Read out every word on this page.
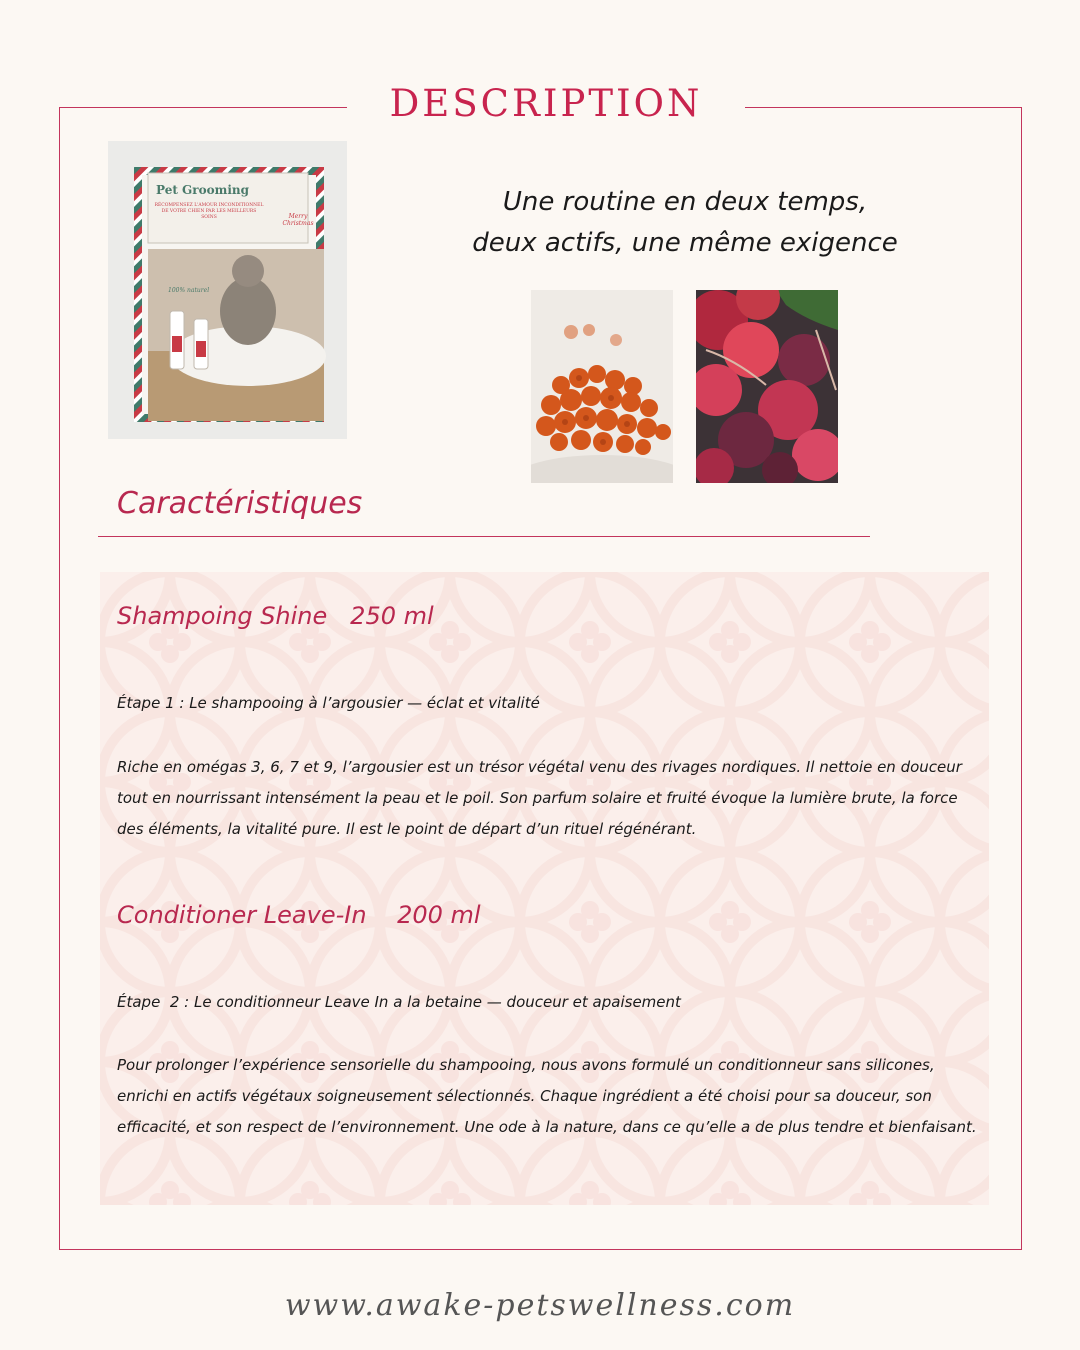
DESCRIPTION
Pet Grooming
RÉCOMPENSEZ L'AMOUR INCONDITIONNEL DE VOTRE CHIEN PAR LES MEILLEURS SOINS	Merry Christmas
100% naturel
Une routine en deux temps,
deux actifs, une même exigence
Caractéristiques
Shampoing Shine   250 ml
Étape 1 : Le shampooing à l’argousier — éclat et vitalité
Riche en omégas 3, 6, 7 et 9, l’argousier est un trésor végétal venu des rivages nordiques. Il nettoie en douceur
tout en nourrissant intensément la peau et le poil. Son parfum solaire et fruité évoque la lumière brute, la force
des éléments, la vitalité pure. Il est le point de départ d’un rituel régénérant.
Conditioner Leave-In    200 ml
Étape  2 : Le conditionneur Leave In a la betaine — douceur et apaisement
Pour prolonger l’expérience sensorielle du shampooing, nous avons formulé un conditionneur sans silicones,
enrichi en actifs végétaux soigneusement sélectionnés. Chaque ingrédient a été choisi pour sa douceur, son
efficacité, et son respect de l’environnement. Une ode à la nature, dans ce qu’elle a de plus tendre et bienfaisant.
www.awake-petswellness.com
